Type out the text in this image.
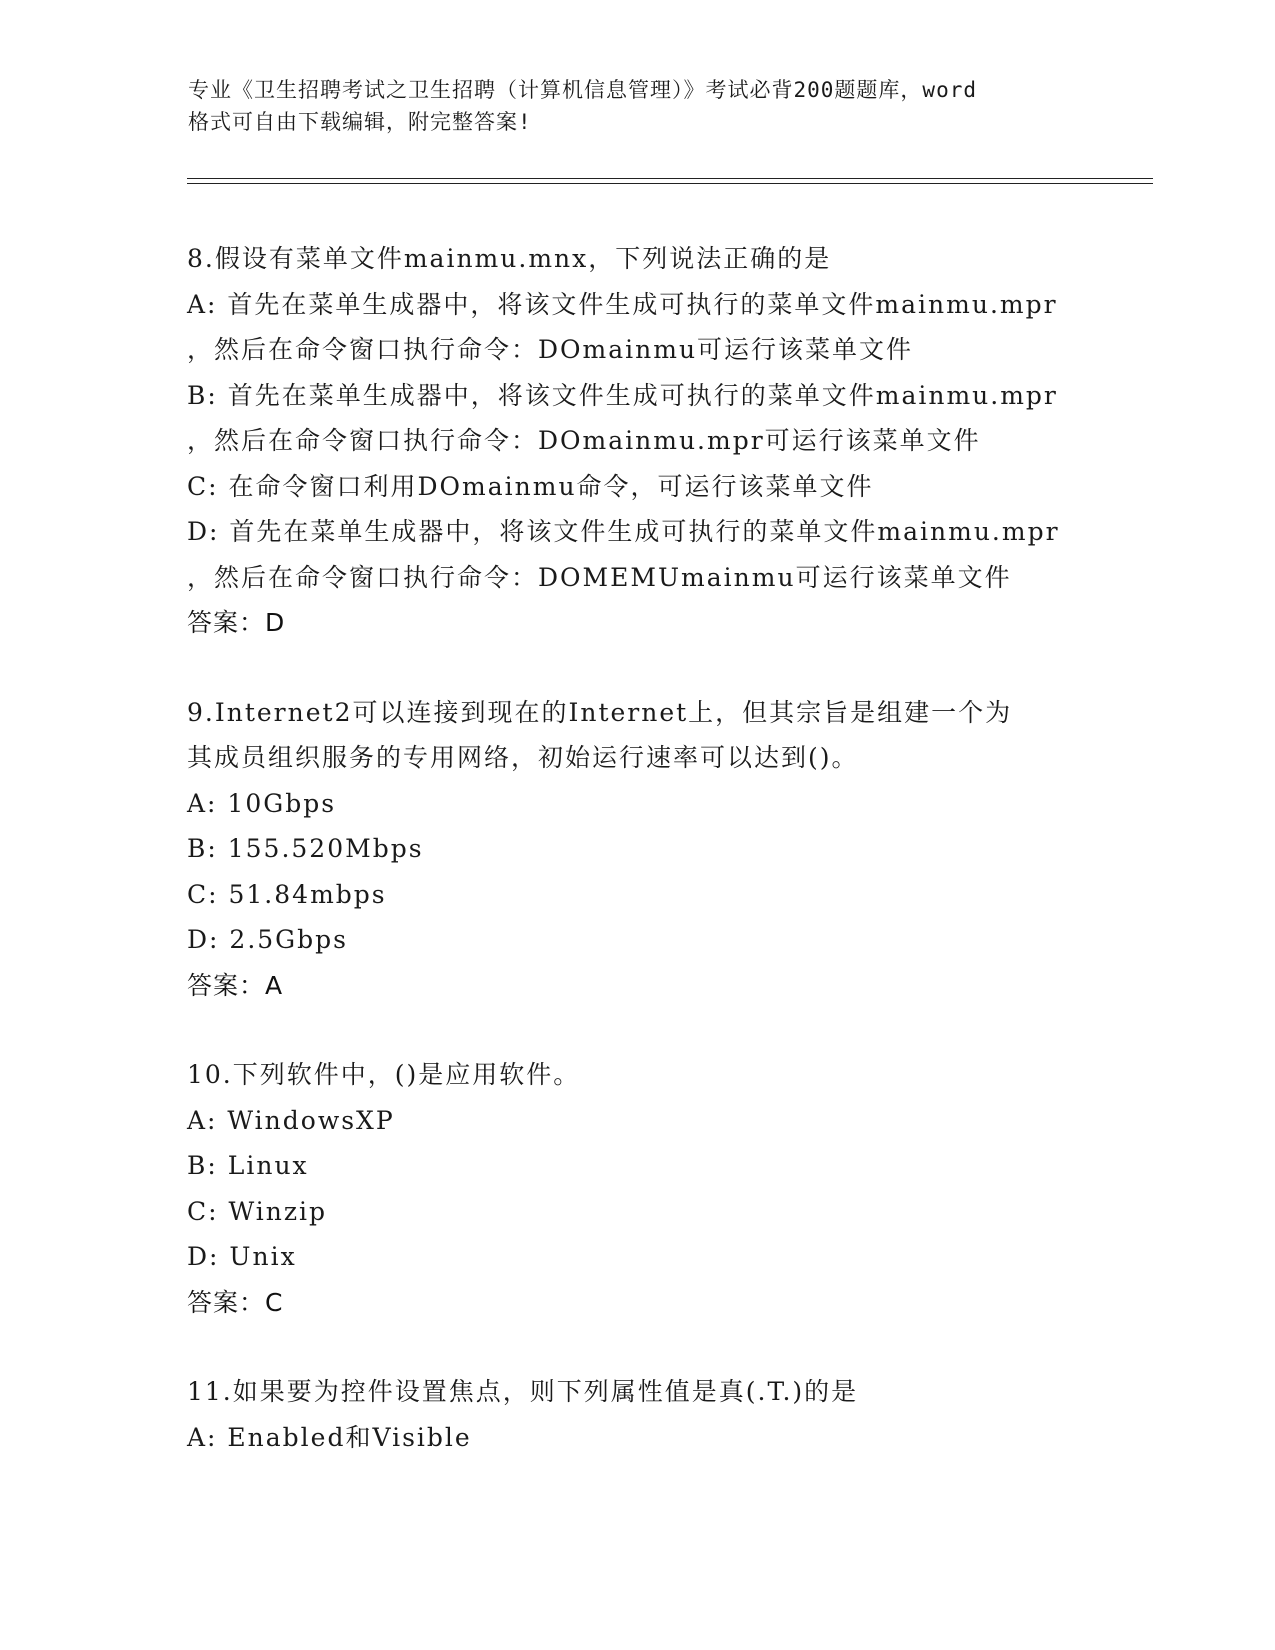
专业《卫生招聘考试之卫生招聘（计算机信息管理）》考试必背200题题库，word
格式可自由下载编辑，附完整答案!
8.假设有菜单文件mainmu.mnx，下列说法正确的是
A: 首先在菜单生成器中，将该文件生成可执行的菜单文件mainmu.mpr
，然后在命令窗口执行命令：DOmainmu可运行该菜单文件
B: 首先在菜单生成器中，将该文件生成可执行的菜单文件mainmu.mpr
，然后在命令窗口执行命令：DOmainmu.mpr可运行该菜单文件
C: 在命令窗口利用DOmainmu命令，可运行该菜单文件
D: 首先在菜单生成器中，将该文件生成可执行的菜单文件mainmu.mpr
，然后在命令窗口执行命令：DOMEMUmainmu可运行该菜单文件
答案：D
9.Internet2可以连接到现在的Internet上，但其宗旨是组建一个为
其成员组织服务的专用网络，初始运行速率可以达到()。
A: 10Gbps
B: 155.520Mbps
C: 51.84mbps
D: 2.5Gbps
答案：A
10.下列软件中，()是应用软件。
A: WindowsXP
B: Linux
C: Winzip
D: Unix
答案：C
11.如果要为控件设置焦点，则下列属性值是真(.T.)的是
A: Enabled和Visible
